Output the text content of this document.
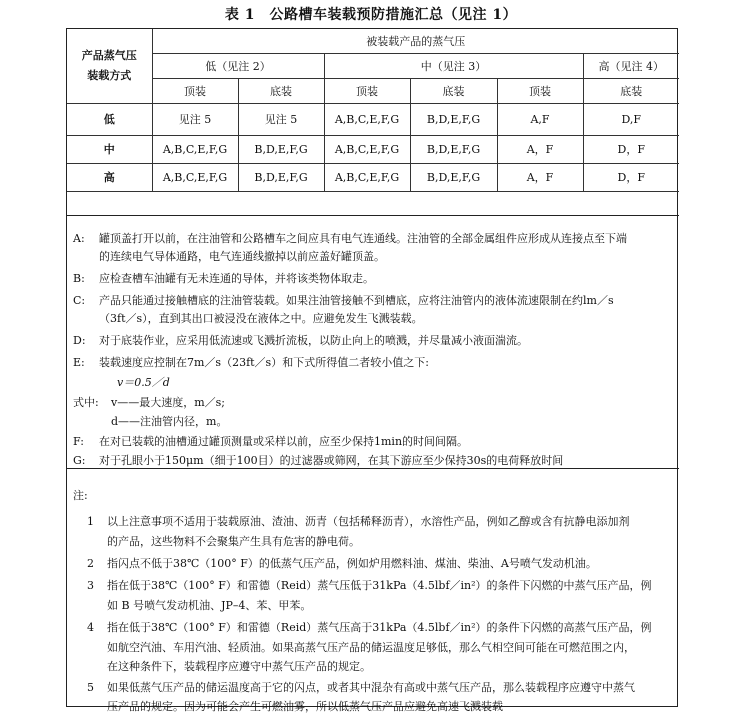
表 1　公路槽车装载预防措施汇总（见注 1）
产品蒸气压
装载方式	被装载产品的蒸气压					
	低（见注 2）		中（见注 3）			高（见注 4）
	顶装	底装	顶装	底装	顶装	底装
低	见注 5	见注 5	A,B,C,E,F,G	B,D,E,F,G	A,F	D,F
中	A,B,C,E,F,G	B,D,E,F,G	A,B,C,E,F,G	B,D,E,F,G	A，F	D，F
高	A,B,C,E,F,G	B,D,E,F,G	A,B,C,E,F,G	B,D,E,F,G	A，F	D，F
A:	罐顶盖打开以前，在注油管和公路槽车之间应具有电气连通线。注油管的全部金属组件应形成从连接点至下端
的连续电气导体通路，电气连通线撤掉以前应盖好罐顶盖。
B:	应检查槽车油罐有无未连通的导体，并将该类物体取走。
C:	产品只能通过接触槽底的注油管装载。如果注油管接触不到槽底，应将注油管内的液体流速限制在约lm／s
（3ft／s），直到其出口被浸没在液体之中。应避免发生飞溅装载。
D:	对于底装作业，应采用低流速或飞溅折流板，以防止向上的喷溅，并尽量减小液面湍流。
E:	装载速度应控制在7m／s（23ft／s）和下式所得值二者较小值之下:
v＝0.5／d
式中: v——最大速度，m／s;
d——注油管内径，m。
F:	在对已装载的油槽通过罐顶测量或采样以前，应至少保持1min的时间间隔。
G:	对于孔眼小于150μm（细于100目）的过滤器或筛网，在其下游应至少保持30s的电荷释放时间
注:
1	以上注意事项不适用于装载原油、渣油、沥青（包括稀释沥青），水溶性产品，例如乙醇或含有抗静电添加剂
的产品，这些物料不会聚集产生具有危害的静电荷。
2	指闪点不低于38℃（100° F）的低蒸气压产品，例如炉用燃料油、煤油、柴油、A号喷气发动机油。
3	指在低于38℃（100° F）和雷德（Reid）蒸气压低于31kPa（4.5lbf／in²）的条件下闪燃的中蒸气压产品，例
如 B 号喷气发动机油、JP–4、苯、甲苯。
4	指在低于38℃（100° F）和雷德（Reid）蒸气压高于31kPa（4.5lbf／in²）的条件下闪燃的高蒸气压产品，例
如航空汽油、车用汽油、轻质油。如果高蒸气压产品的储运温度足够低，那么气相空间可能在可燃范围之内，
在这种条件下，装载程序应遵守中蒸气压产品的规定。
5	如果低蒸气压产品的储运温度高于它的闪点，或者其中混杂有高或中蒸气压产品，那么装载程序应遵守中蒸气
压产品的规定。因为可能会产生可燃油雾，所以低蒸气压产品应避免高速飞溅装载
